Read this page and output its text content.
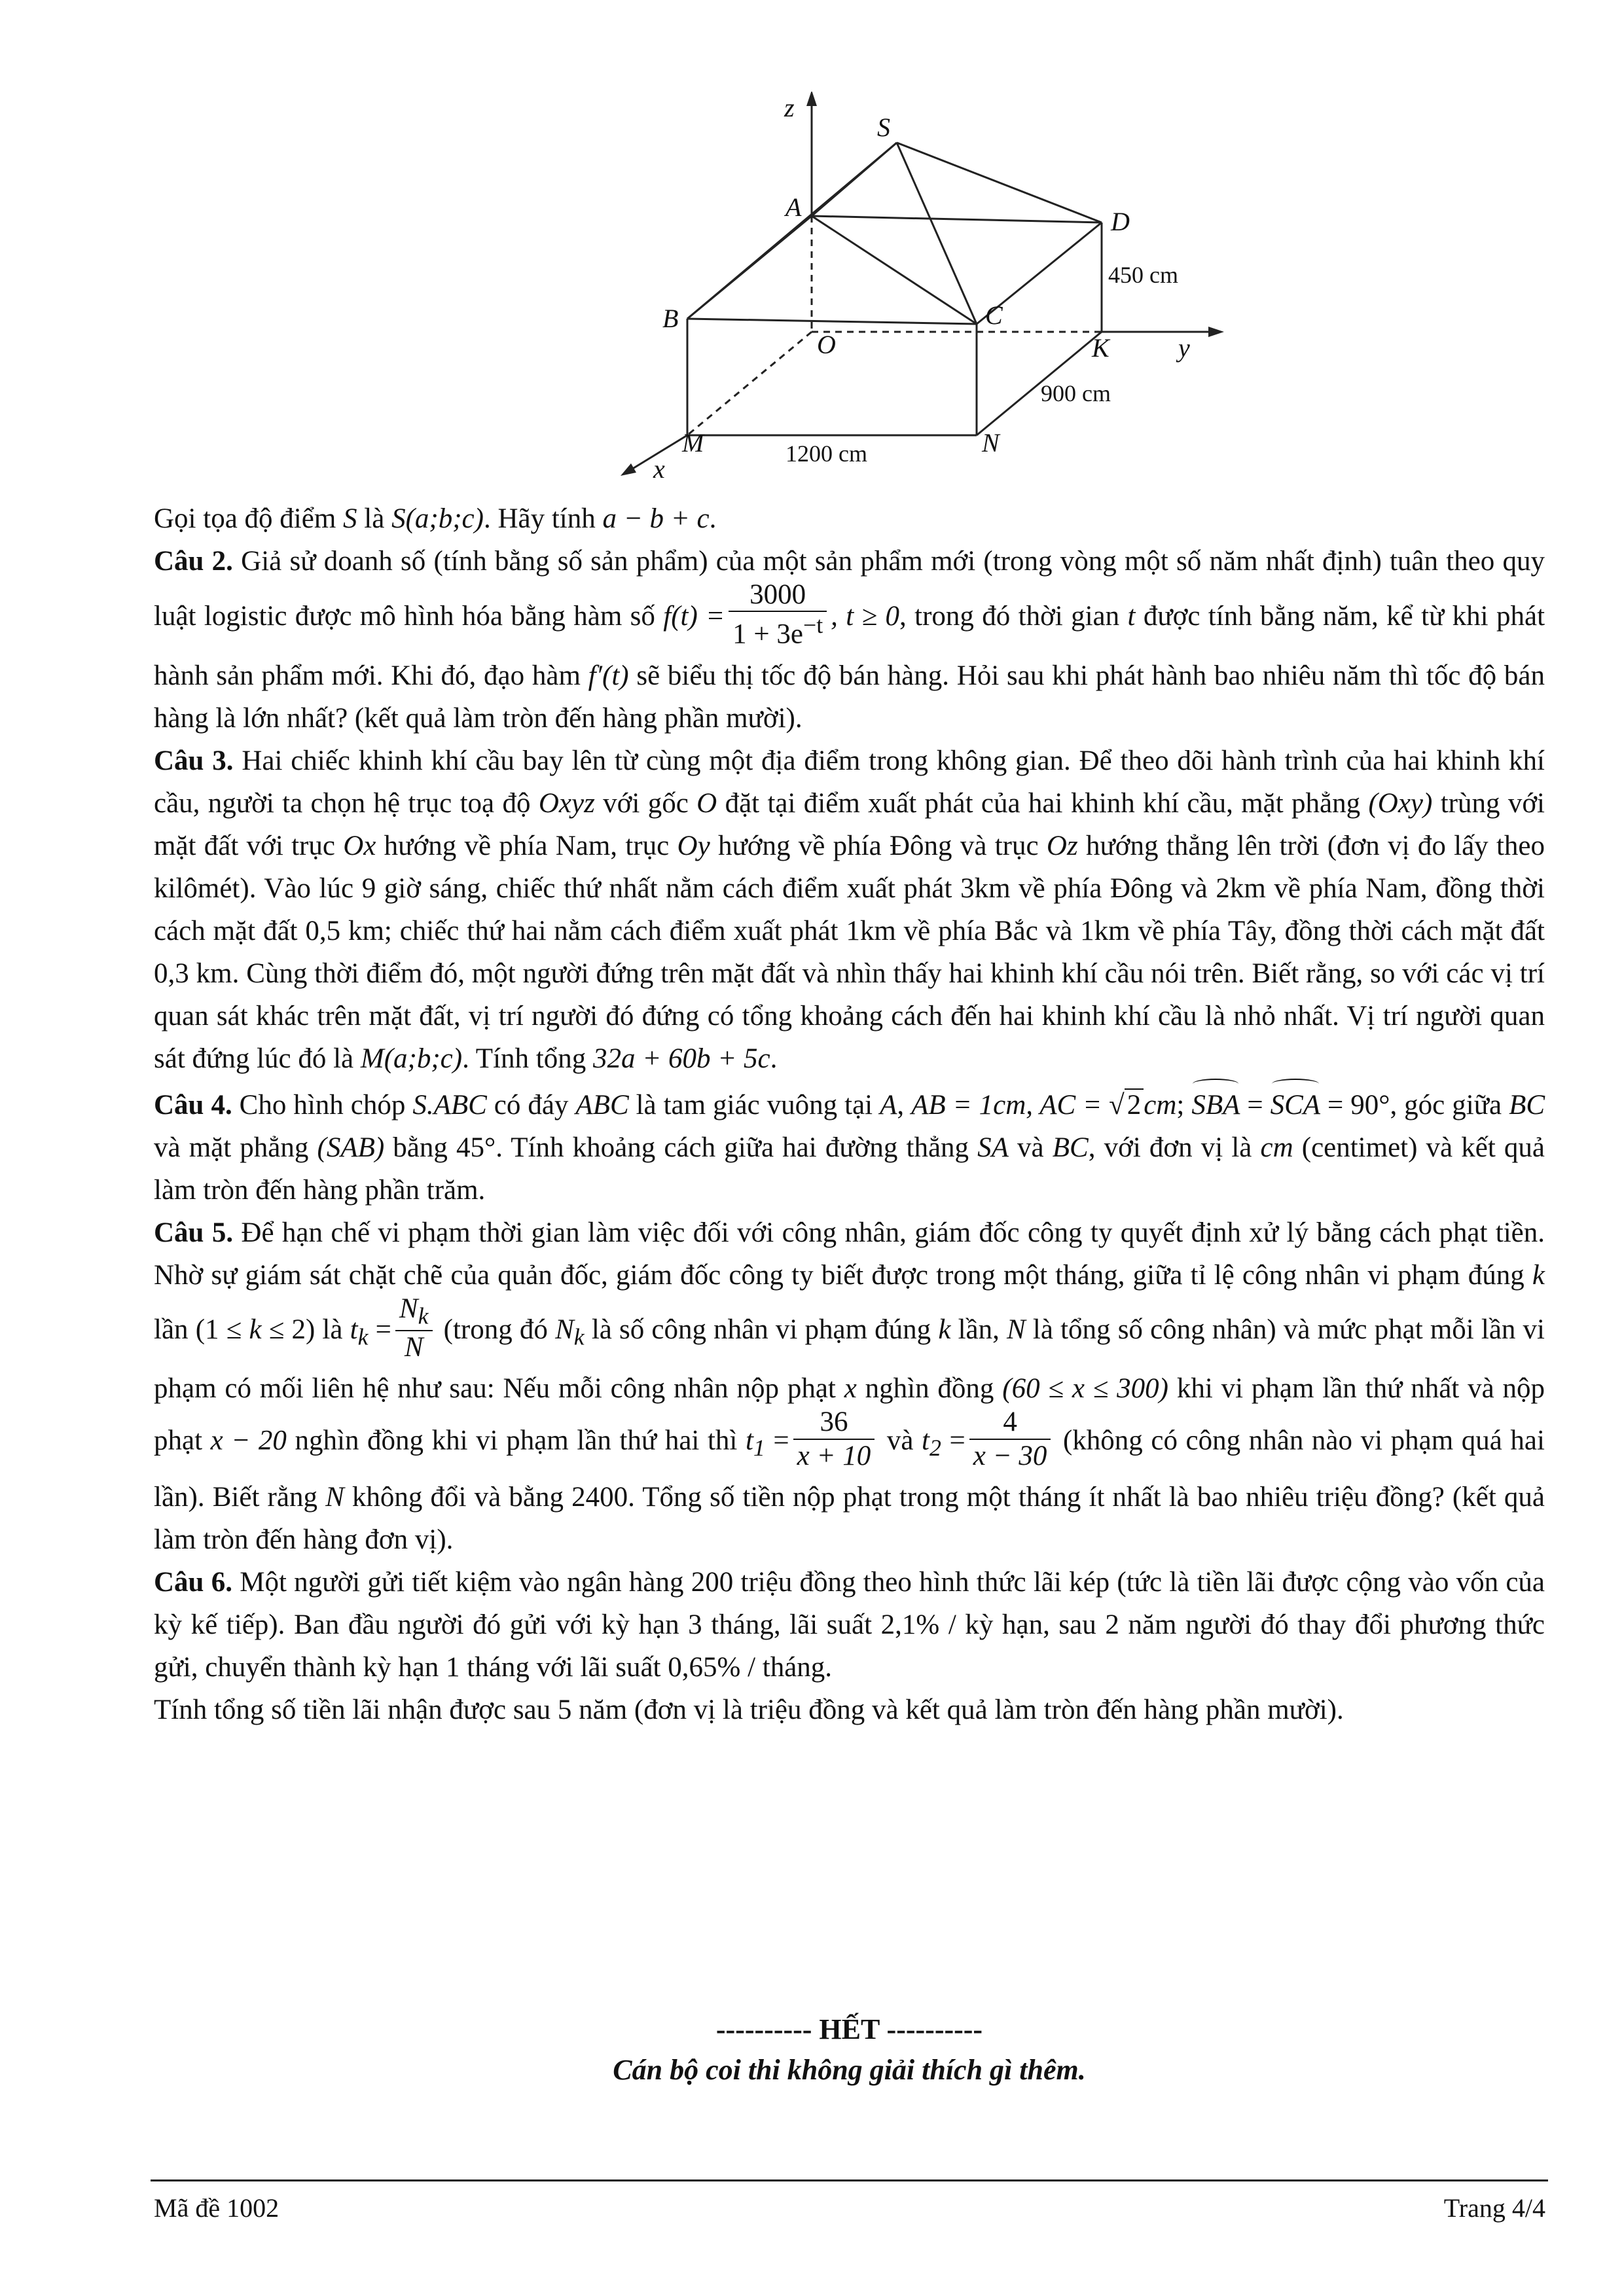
z
S
A	D
B	C
O	K	y
M	N
x
450 cm
900 cm
1200 cm

Gọi tọa độ điểm S là S(a;b;c). Hãy tính a − b + c.

Câu 2. Giả sử doanh số (tính bằng số sản phẩm) của một sản phẩm mới (trong vòng một số năm nhất định) tuân theo quy luật logistic được mô hình hóa bằng hàm số $f(t) = \frac{3000}{1 + 3e^{-t}}$ , t ≥ 0, trong đó thời gian t được tính bằng năm, kể từ khi phát hành sản phẩm mới. Khi đó, đạo hàm f′(t) sẽ biểu thị tốc độ bán hàng. Hỏi sau khi phát hành bao nhiêu năm thì tốc độ bán hàng là lớn nhất? (kết quả làm tròn đến hàng phần mười).

Câu 3. Hai chiếc khinh khí cầu bay lên từ cùng một địa điểm trong không gian. Để theo dõi hành trình của hai khinh khí cầu, người ta chọn hệ trục toạ độ Oxyz với gốc O đặt tại điểm xuất phát của hai khinh khí cầu, mặt phẳng (Oxy) trùng với mặt đất với trục Ox hướng về phía Nam, trục Oy hướng về phía Đông và trục Oz hướng thẳng lên trời (đơn vị đo lấy theo kilômét). Vào lúc 9 giờ sáng, chiếc thứ nhất nằm cách điểm xuất phát 3km về phía Đông và 2km về phía Nam, đồng thời cách mặt đất 0,5 km; chiếc thứ hai nằm cách điểm xuất phát 1km về phía Bắc và 1km về phía Tây, đồng thời cách mặt đất 0,3 km. Cùng thời điểm đó, một người đứng trên mặt đất và nhìn thấy hai khinh khí cầu nói trên. Biết rằng, so với các vị trí quan sát khác trên mặt đất, vị trí người đó đứng có tổng khoảng cách đến hai khinh khí cầu là nhỏ nhất. Vị trí người quan sát đứng lúc đó là M(a;b;c). Tính tổng 32a + 60b + 5c.

Câu 4. Cho hình chóp S.ABC có đáy ABC là tam giác vuông tại A, AB = 1cm, AC = √2cm; SBA = SCA = 90°, góc giữa BC và mặt phẳng (SAB) bằng 45°. Tính khoảng cách giữa hai đường thẳng SA và BC, với đơn vị là cm (centimet) và kết quả làm tròn đến hàng phần trăm.

Câu 5. Để hạn chế vi phạm thời gian làm việc đối với công nhân, giám đốc công ty quyết định xử lý bằng cách phạt tiền. Nhờ sự giám sát chặt chẽ của quản đốc, giám đốc công ty biết được trong một tháng, giữa tỉ lệ công nhân vi phạm đúng k lần (1 ≤ k ≤ 2) là $t_k = \frac{N_k}{N}$ (trong đó $N_k$ là số công nhân vi phạm đúng k lần, N là tổng số công nhân) và mức phạt mỗi lần vi phạm có mối liên hệ như sau: Nếu mỗi công nhân nộp phạt x nghìn đồng (60 ≤ x ≤ 300) khi vi phạm lần thứ nhất và nộp phạt x − 20 nghìn đồng khi vi phạm lần thứ hai thì $t_1 = \frac{36}{x + 10}$ và $t_2 = \frac{4}{x - 30}$ (không có công nhân nào vi phạm quá hai lần). Biết rằng N không đổi và bằng 2400. Tổng số tiền nộp phạt trong một tháng ít nhất là bao nhiêu triệu đồng? (kết quả làm tròn đến hàng đơn vị).

Câu 6. Một người gửi tiết kiệm vào ngân hàng 200 triệu đồng theo hình thức lãi kép (tức là tiền lãi được cộng vào vốn của kỳ kế tiếp). Ban đầu người đó gửi với kỳ hạn 3 tháng, lãi suất 2,1% / kỳ hạn, sau 2 năm người đó thay đổi phương thức gửi, chuyển thành kỳ hạn 1 tháng với lãi suất 0,65% / tháng.

Tính tổng số tiền lãi nhận được sau 5 năm (đơn vị là triệu đồng và kết quả làm tròn đến hàng phần mười).

---------- HẾT ----------
Cán bộ coi thi không giải thích gì thêm.
Mã đề 1002	Trang 4/4
